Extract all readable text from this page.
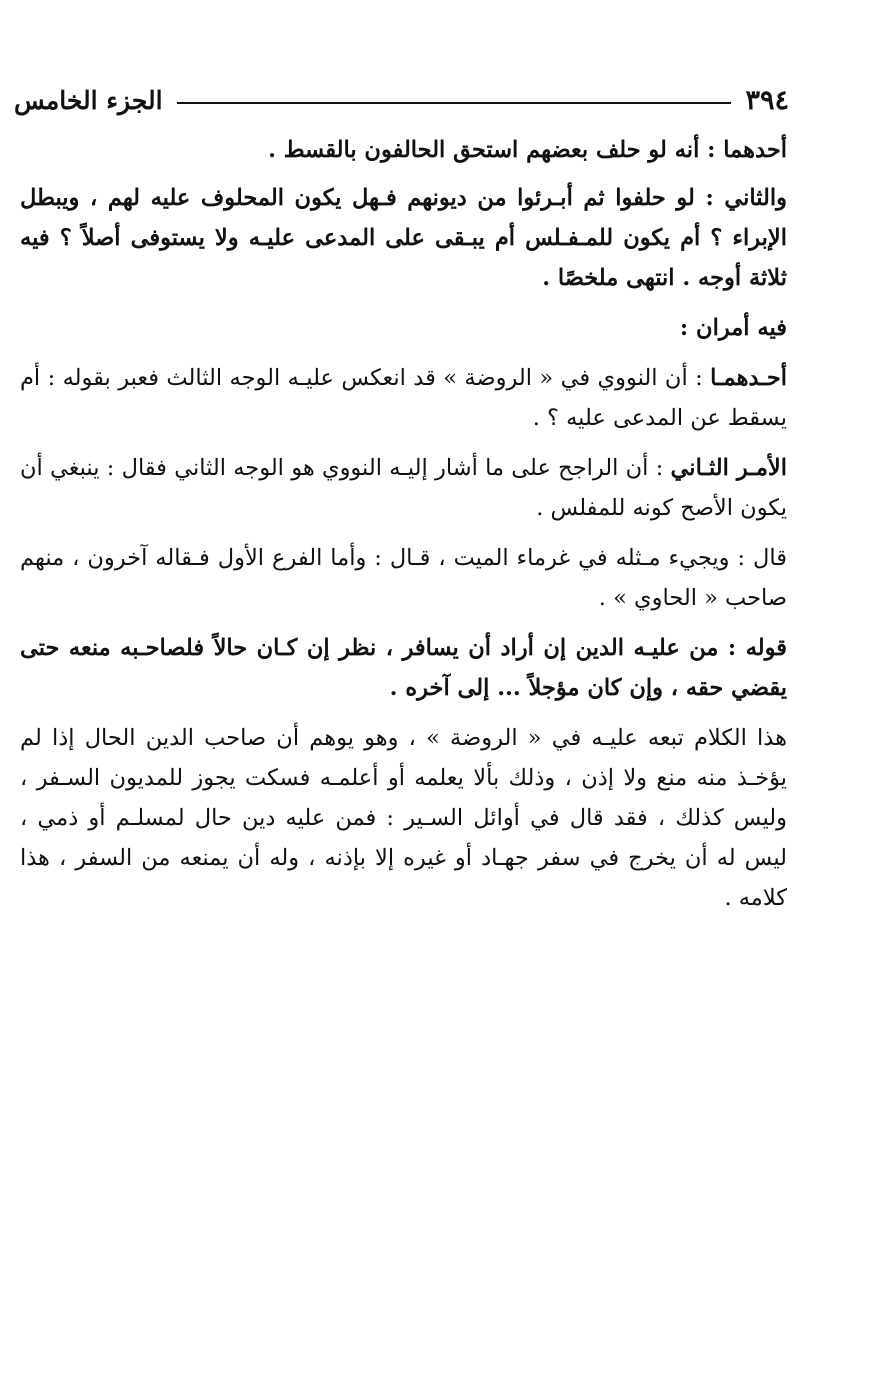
٣٩٤
الجزء الخامس

أحدهما : أنه لو حلف بعضهم استحق الحالفون بالقسط .

والثاني : لو حلفوا ثم أبـرئوا من ديونهم فـهل يكون المحلوف عليه لهم ، ويبطل الإبراء ؟ أم يكون للمـفـلس أم يبـقى على المدعى عليـه ولا يستوفى أصلاً ؟ فيه ثلاثة أوجه . انتهى ملخصًا .

فيه أمران :

أحـدهمـا : أن النووي في « الروضة » قد انعكس عليـه الوجه الثالث فعبر بقوله : أم يسقط عن المدعى عليه ؟ .

الأمـر الثـاني : أن الراجح على ما أشار إليـه النووي هو الوجه الثاني فقال : ينبغي أن يكون الأصح كونه للمفلس .

قال : ويجيء مـثله في غرماء الميت ، قـال : وأما الفرع الأول فـقاله آخرون ، منهم صاحب « الحاوي » .

قوله : من عليـه الدين إن أراد أن يسافر ، نظر إن كـان حالاً فلصاحـبه منعه حتى يقضي حقه ، وإن كان مؤجلاً ... إلى آخره .

هذا الكلام تبعه عليـه في « الروضة » ، وهو يوهم أن صاحب الدين الحال إذا لم يؤخـذ منه منع ولا إذن ، وذلك بألا يعلمه أو أعلمـه فسكت يجوز للمديون السـفر ، وليس كذلك ، فقد قال في أوائل السـير : فمن عليه دين حال لمسلـم أو ذمي ، ليس له أن يخرج في سفر جهـاد أو غيره إلا بإذنه ، وله أن يمنعه من السفر ، هذا كلامه .
